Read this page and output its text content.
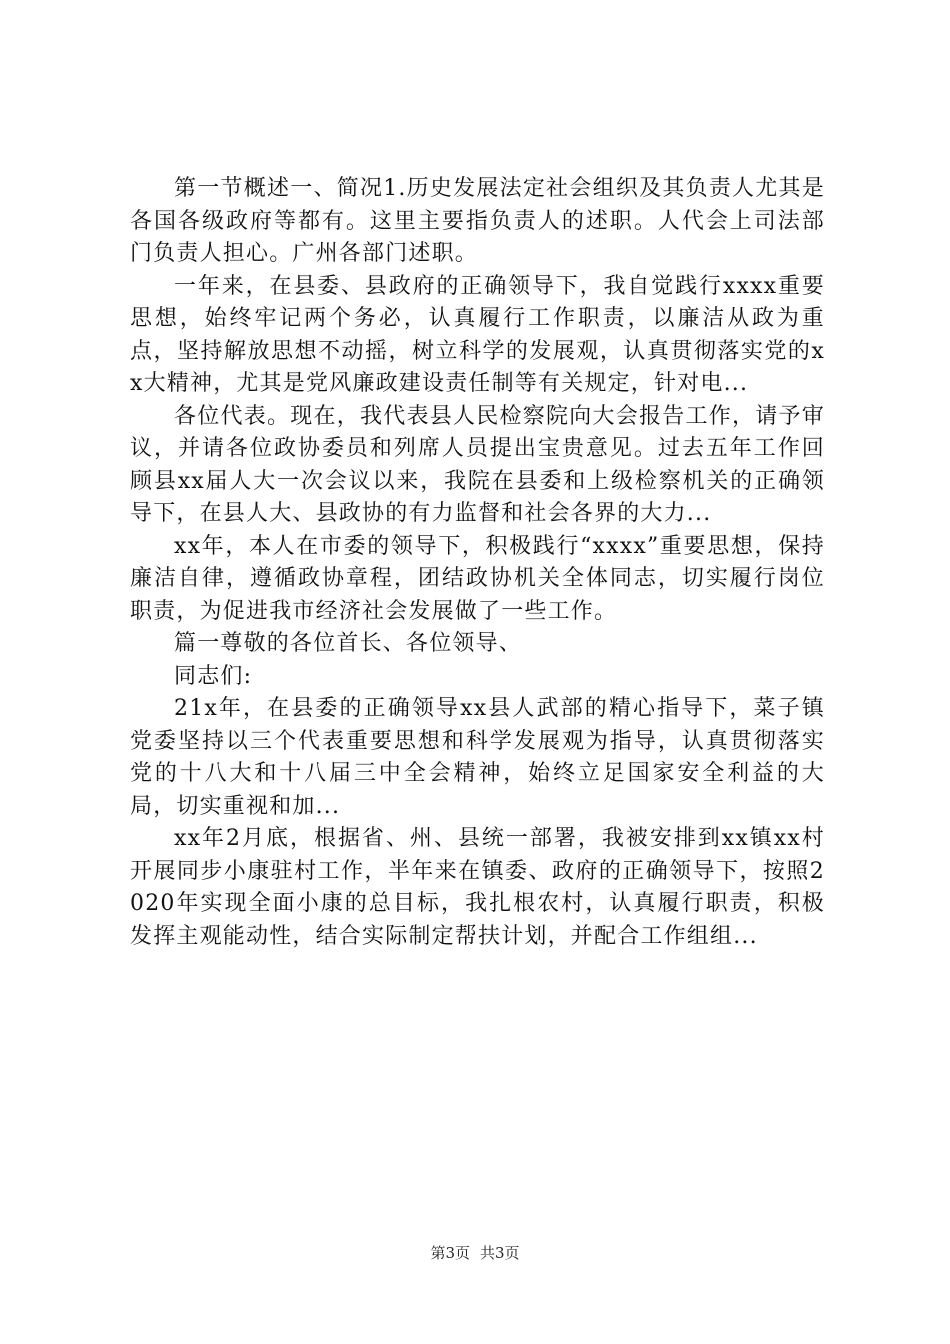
第一节概述一、简况1.历史发展法定社会组织及其负责人尤其是各国各级政府等都有。这里主要指负责人的述职。人代会上司法部门负责人担心。广州各部门述职。

一年来，在县委、县政府的正确领导下，我自觉践行xxxx重要思想，始终牢记两个务必，认真履行工作职责，以廉洁从政为重点，坚持解放思想不动摇，树立科学的发展观，认真贯彻落实党的xx大精神，尤其是党风廉政建设责任制等有关规定，针对电...

各位代表。现在，我代表县人民检察院向大会报告工作，请予审议，并请各位政协委员和列席人员提出宝贵意见。过去五年工作回顾县xx届人大一次会议以来，我院在县委和上级检察机关的正确领导下，在县人大、县政协的有力监督和社会各界的大力...

xx年，本人在市委的领导下，积极践行“xxxx”重要思想，保持廉洁自律，遵循政协章程，团结政协机关全体同志，切实履行岗位职责，为促进我市经济社会发展做了一些工作。

篇一尊敬的各位首长、各位领导、

同志们:

21x年，在县委的正确领导xx县人武部的精心指导下，菜子镇党委坚持以三个代表重要思想和科学发展观为指导，认真贯彻落实党的十八大和十八届三中全会精神，始终立足国家安全利益的大局，切实重视和加...

xx年2月底，根据省、州、县统一部署，我被安排到xx镇xx村开展同步小康驻村工作，半年来在镇委、政府的正确领导下，按照2020年实现全面小康的总目标，我扎根农村，认真履行职责，积极发挥主观能动性，结合实际制定帮扶计划，并配合工作组组...

第3页 共3页
